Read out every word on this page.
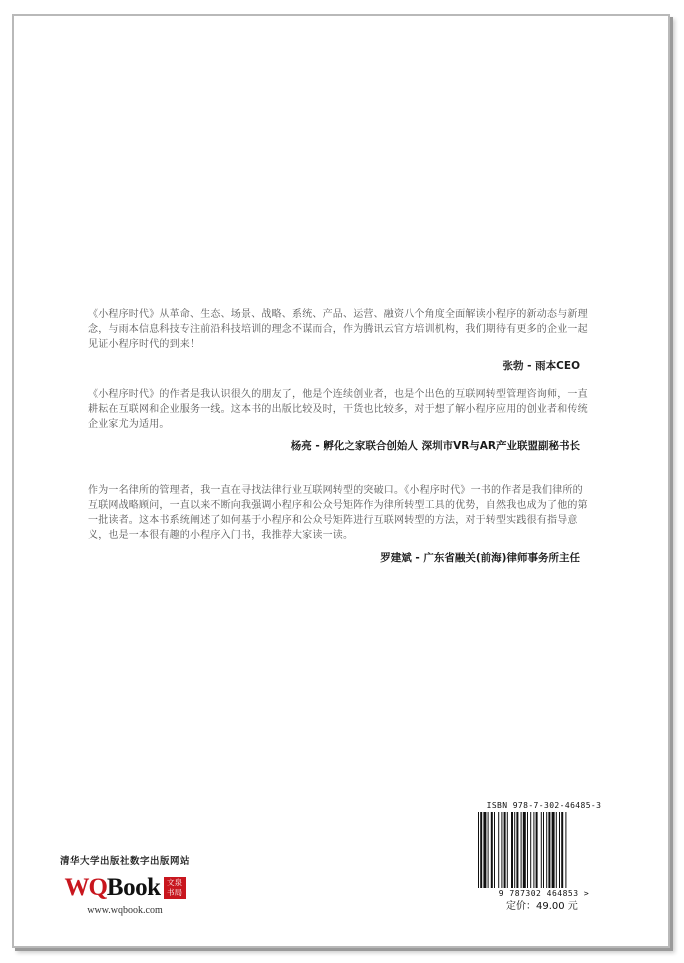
《小程序时代》从革命、生态、场景、战略、系统、产品、运营、融资八个角度全面解读小程序的新动态与新理念，与雨本信息科技专注前沿科技培训的理念不谋而合，作为腾讯云官方培训机构，我们期待有更多的企业一起见证小程序时代的到来！
张勃 - 雨本CEO
《小程序时代》的作者是我认识很久的朋友了，他是个连续创业者，也是个出色的互联网转型管理咨询师，一直耕耘在互联网和企业服务一线。这本书的出版比较及时，干货也比较多，对于想了解小程序应用的创业者和传统企业家尤为适用。
杨亮 - 孵化之家联合创始人 深圳市VR与AR产业联盟副秘书长
作为一名律所的管理者，我一直在寻找法律行业互联网转型的突破口。《小程序时代》一书的作者是我们律所的互联网战略顾问，一直以来不断向我强调小程序和公众号矩阵作为律所转型工具的优势，自然我也成为了他的第一批读者。这本书系统阐述了如何基于小程序和公众号矩阵进行互联网转型的方法，对于转型实践很有指导意义，也是一本很有趣的小程序入门书，我推荐大家读一读。
罗建斌 - 广东省融关(前海)律师事务所主任
清华大学出版社数字出版网站
WQ Book 文泉书局
www.wqbook.com
ISBN 978-7-302-46485-3
9 787302 464853 >
定价：49.00 元
